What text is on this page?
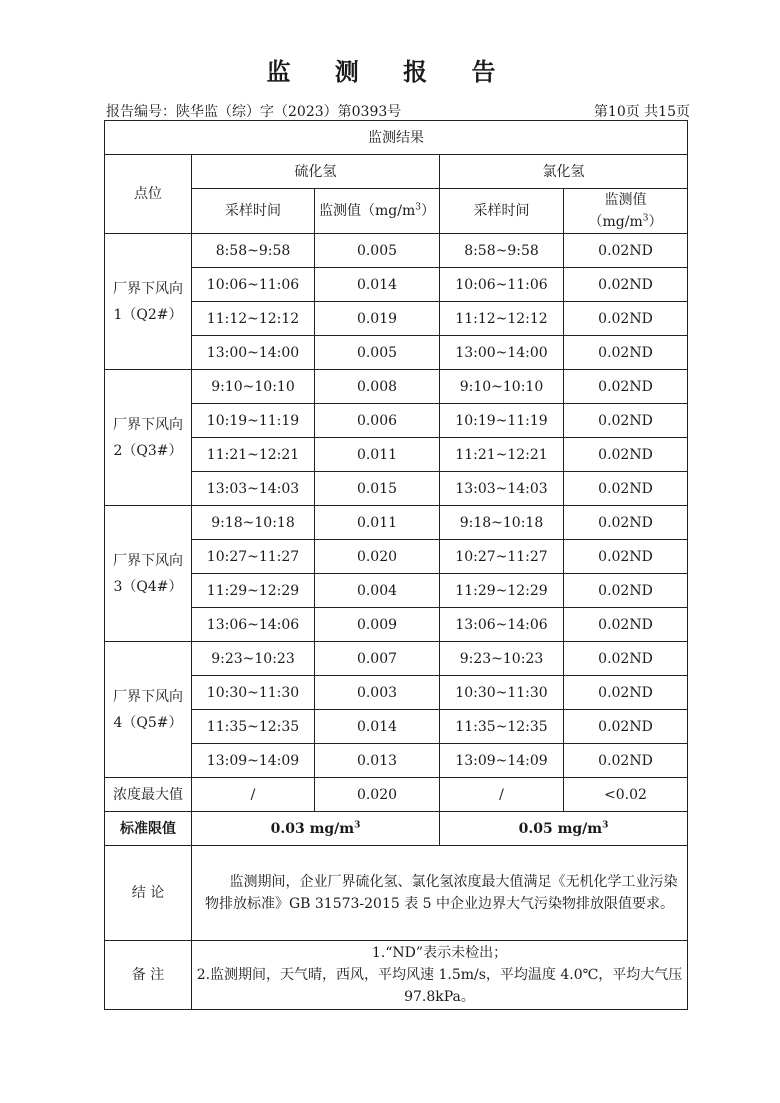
监 测 报 告
报告编号：陕华监（综）字（2023）第0393号	第10页 共15页
监测结果				
点位	硫化氢		氯化氢	
	采样时间	监测值$(mg/m^3)$	采样时间	监测值$(mg/m^3)$

厂界下风向
1（Q2#）	8:58~9:58	0.005	8:58~9:58	0.02ND
	10:06~11:06	0.014	10:06~11:06	0.02ND
	11:12~12:12	0.019	11:12~12:12	0.02ND
	13:00~14:00	0.005	13:00~14:00	0.02ND

厂界下风向
2（Q3#）	9:10~10:10	0.008	9:10~10:10	0.02ND
	10:19~11:19	0.006	10:19~11:19	0.02ND
	11:21~12:21	0.011	11:21~12:21	0.02ND
	13:03~14:03	0.015	13:03~14:03	0.02ND

厂界下风向
3（Q4#）	9:18~10:18	0.011	9:18~10:18	0.02ND
	10:27~11:27	0.020	10:27~11:27	0.02ND
	11:29~12:29	0.004	11:29~12:29	0.02ND
	13:06~14:06	0.009	13:06~14:06	0.02ND

厂界下风向
4（Q5#）	9:23~10:23	0.007	9:23~10:23	0.02ND
	10:30~11:30	0.003	10:30~11:30	0.02ND
	11:35~12:35	0.014	11:35~12:35	0.02ND
	13:09~14:09	0.013	13:09~14:09	0.02ND
浓度最大值	/	0.020	/	<0.02
标准限值	0.03 $mg/m^3$		0.05 $mg/m^3$
结 论	监测期间，企业厂界硫化氢、氯化氢浓度最大值满足《无机化学工业污染物排放标准》GB 31573-2015 表 5 中企业边界大气污染物排放限值要求。			
备 注	1.“ND”表示未检出；
2.监测期间，天气晴，西风，平均风速 1.5m/s，平均温度 4.0℃，平均大气压 97.8kPa。			
